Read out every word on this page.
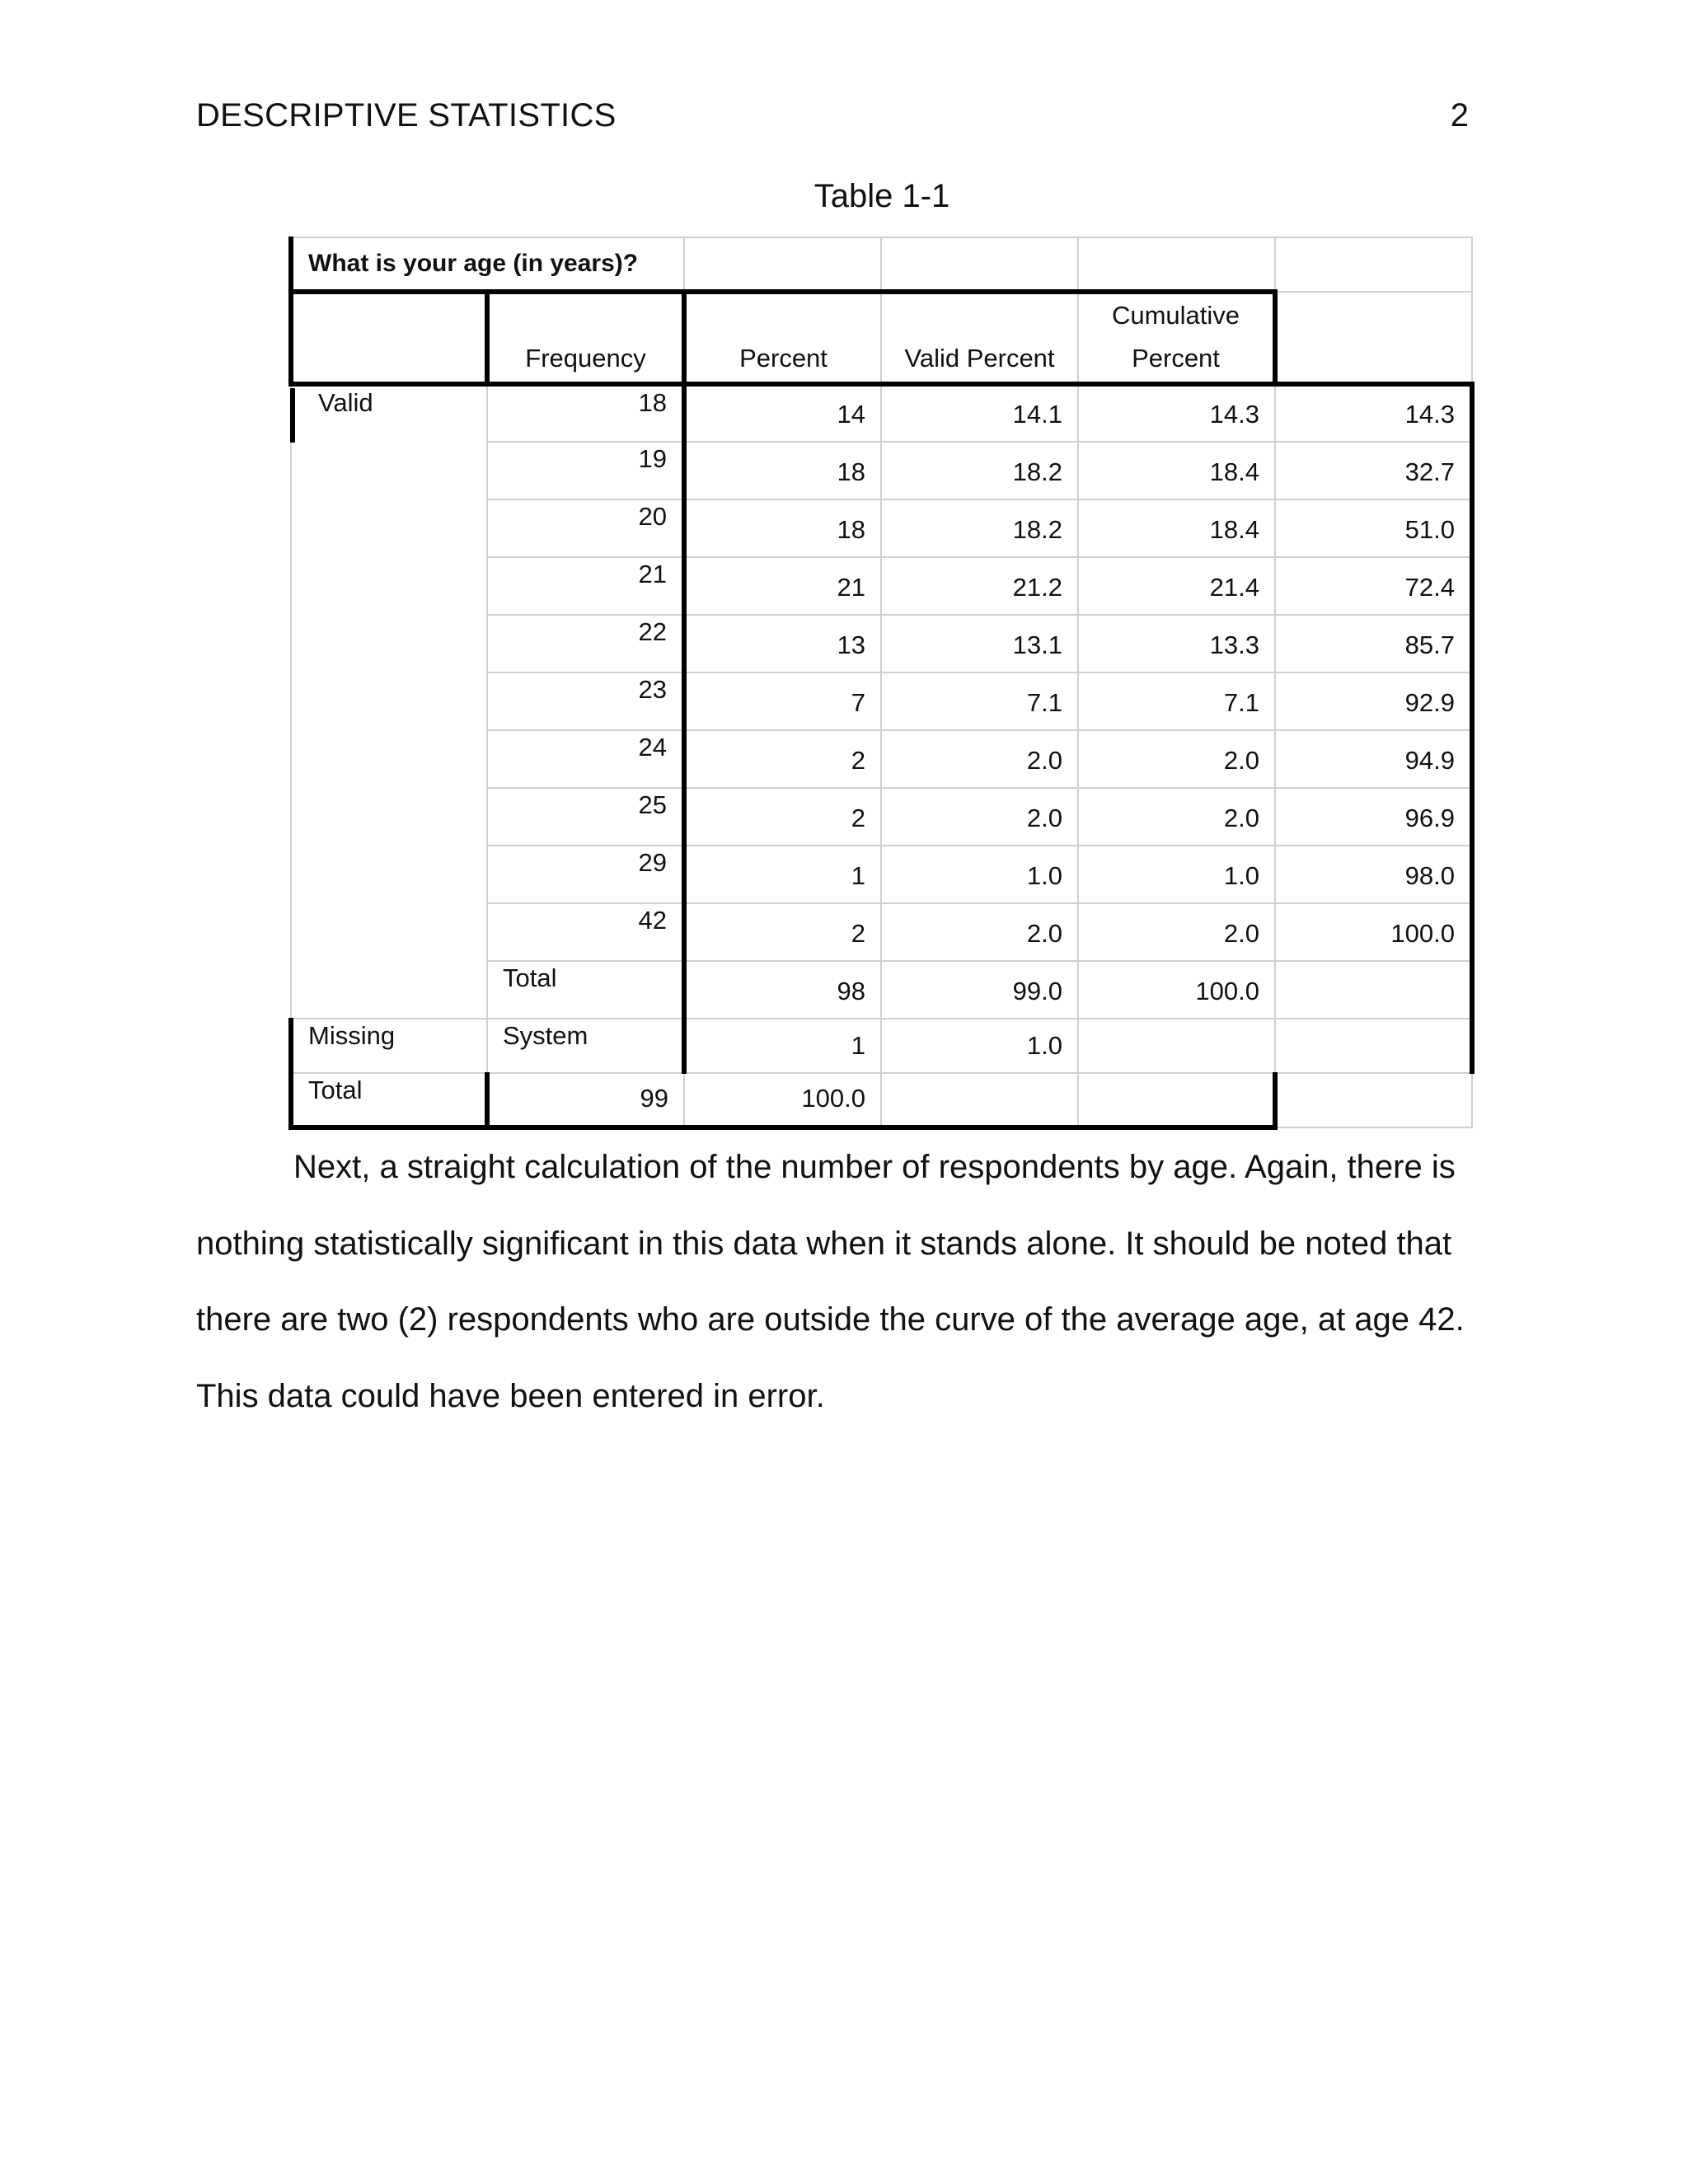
DESCRIPTIVE STATISTICS	2
Table 1-1
What is your age (in years)?					
	Frequency	Percent	Valid Percent	Cumulative
Percent	

Valid	18	14	14.1	14.3	14.3
	19	18	18.2	18.4	32.7
	20	18	18.2	18.4	51.0
	21	21	21.2	21.4	72.4
	22	13	13.1	13.3	85.7
	23	7	7.1	7.1	92.9
	24	2	2.0	2.0	94.9
	25	2	2.0	2.0	96.9
	29	1	1.0	1.0	98.0
	42	2	2.0	2.0	100.0
	Total	98	99.0	100.0	
Missing	System	1	1.0		
Total	99	100.0			

Next, a straight calculation of the number of respondents by age. Again, there is nothing statistically significant in this data when it stands alone. It should be noted that there are two (2) respondents who are outside the curve of the average age, at age 42. This data could have been entered in error.
